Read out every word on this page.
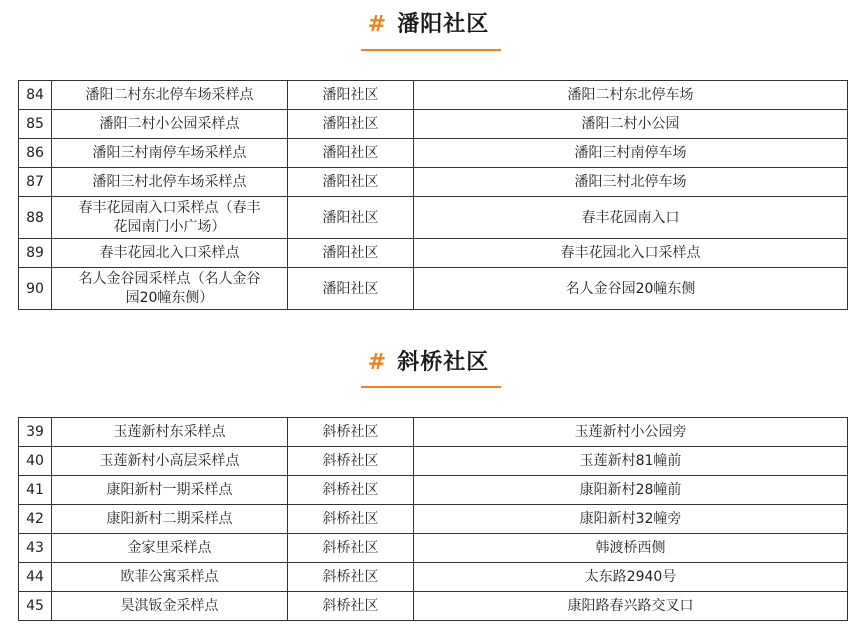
# 潘阳社区
84	潘阳二村东北停车场采样点	潘阳社区	潘阳二村东北停车场
85	潘阳二村小公园采样点	潘阳社区	潘阳二村小公园
86	潘阳三村南停车场采样点	潘阳社区	潘阳三村南停车场
87	潘阳三村北停车场采样点	潘阳社区	潘阳三村北停车场
88	春丰花园南入口采样点（春丰
花园南门小广场）	潘阳社区	春丰花园南入口
89	春丰花园北入口采样点	潘阳社区	春丰花园北入口采样点
90	名人金谷园采样点（名人金谷
园20幢东侧）	潘阳社区	名人金谷园20幢东侧
# 斜桥社区
39	玉莲新村东采样点	斜桥社区	玉莲新村小公园旁
40	玉莲新村小高层采样点	斜桥社区	玉莲新村81幢前
41	康阳新村一期采样点	斜桥社区	康阳新村28幢前
42	康阳新村二期采样点	斜桥社区	康阳新村32幢旁
43	金家里采样点	斜桥社区	韩渡桥西侧
44	欧菲公寓采样点	斜桥社区	太东路2940号
45	昊淇钣金采样点	斜桥社区	康阳路春兴路交叉口
